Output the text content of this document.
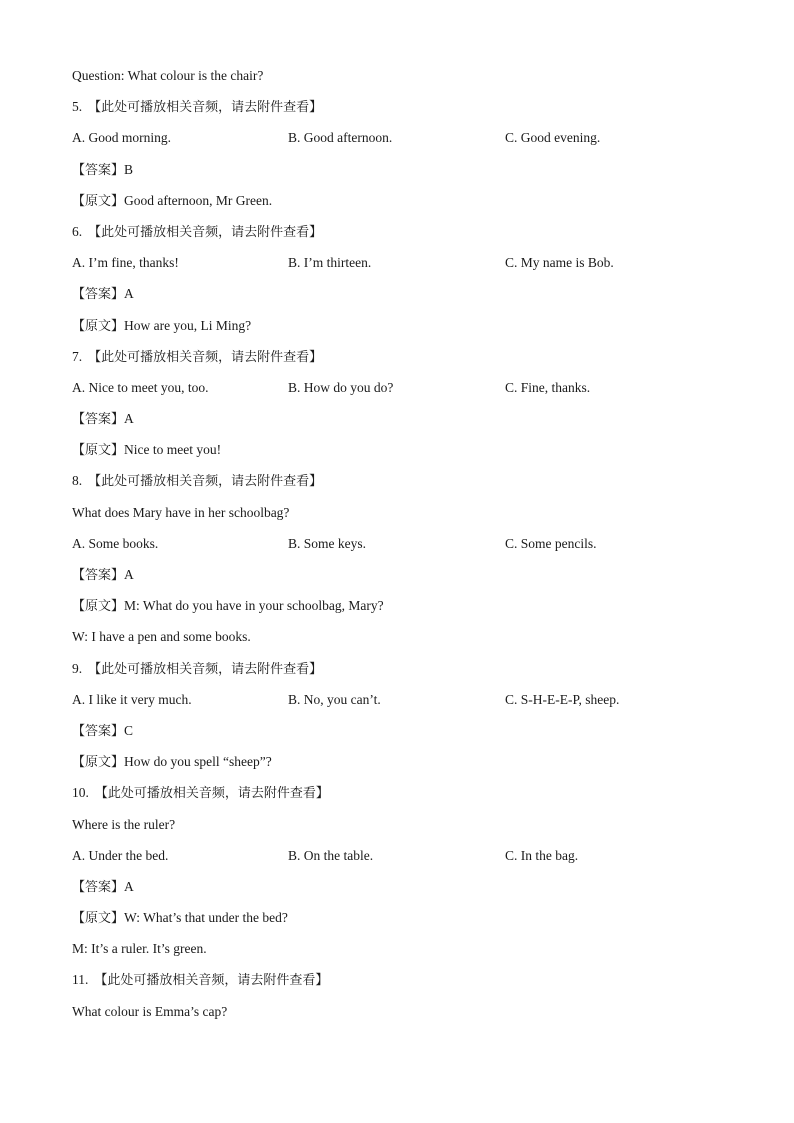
Question: What colour is the chair?
5. 【此处可播放相关音频，请去附件查看】
A. Good morning.	B. Good afternoon.	C. Good evening.
【答案】B
【原文】Good afternoon, Mr Green.
6. 【此处可播放相关音频，请去附件查看】
A. I’m fine, thanks!	B. I’m thirteen.	C. My name is Bob.
【答案】A
【原文】How are you, Li Ming?
7. 【此处可播放相关音频，请去附件查看】
A. Nice to meet you, too.	B. How do you do?	C. Fine, thanks.
【答案】A
【原文】Nice to meet you!
8. 【此处可播放相关音频，请去附件查看】
What does Mary have in her schoolbag?
A. Some books.	B. Some keys.	C. Some pencils.
【答案】A
【原文】M: What do you have in your schoolbag, Mary?
W: I have a pen and some books.
9. 【此处可播放相关音频，请去附件查看】
A. I like it very much.	B. No, you can’t.	C. S-H-E-E-P, sheep.
【答案】C
【原文】How do you spell “sheep”?
10. 【此处可播放相关音频，请去附件查看】
Where is the ruler?
A. Under the bed.	B. On the table.	C. In the bag.
【答案】A
【原文】W: What’s that under the bed?
M: It’s a ruler. It’s green.
11. 【此处可播放相关音频，请去附件查看】
What colour is Emma’s cap?
